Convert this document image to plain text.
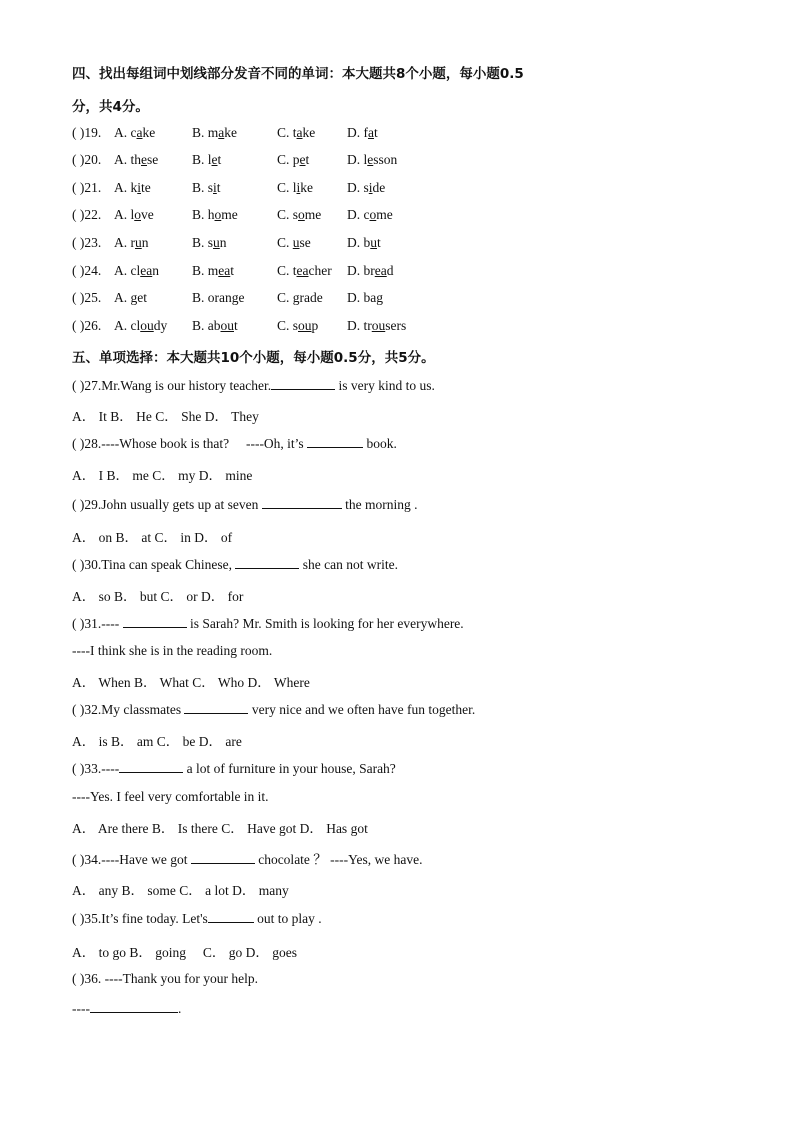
四、找出每组词中划线部分发音不同的单词：本大题共8个小题，每小题0.5
分，共4分。
( )19. A. cake	B. make	C. take D. fat
( )20. A. these	B. let	C. pet	D. lesson
( )21. A. kite	B. sit	C. like	D. side
( )22. A. love	B. home	C. some D. come
( )23. A. run	B. sun	C. use	D. but
( )24. A. clean B. meat	C. teacher D. bread
( )25. A. get	B. orange C. grade D. bag
( )26. A. cloudy B. about	C. soup D. trousers
五、单项选择：本大题共10个小题，每小题0.5分，共5分。
( )27.Mr.Wang is our history teacher.	is very kind to us.
A． It B． He C． She D． They
( )28.----Whose book is that?     ----Oh, it’s	book.
A． I B． me C． my D． mine
( )29.John usually gets up at seven	the morning .
A． on B． at C． in D． of
( )30.Tina can speak Chinese,	she can not write.
A． so B． but C． or D． for
( )31.----	is Sarah? Mr. Smith is looking for her everywhere.
----I think she is in the reading room.
A． When B． What C． Who D． Where
( )32.My classmates	very nice and we often have fun together.
A． is B． am C． be D． are
( )33.----	a lot of furniture in your house, Sarah?
----Yes. I feel very comfortable in it.
A． Are there B． Is there C． Have got D． Has got
( )34.----Have we got	chocolate ？ ----Yes, we have.
A． any B． some C． a lot D． many
( )35.It’s fine today. Let's	out to play .
A． to go B． going     C． go D． goes
( )36. ----Thank you for your help.
----	.
